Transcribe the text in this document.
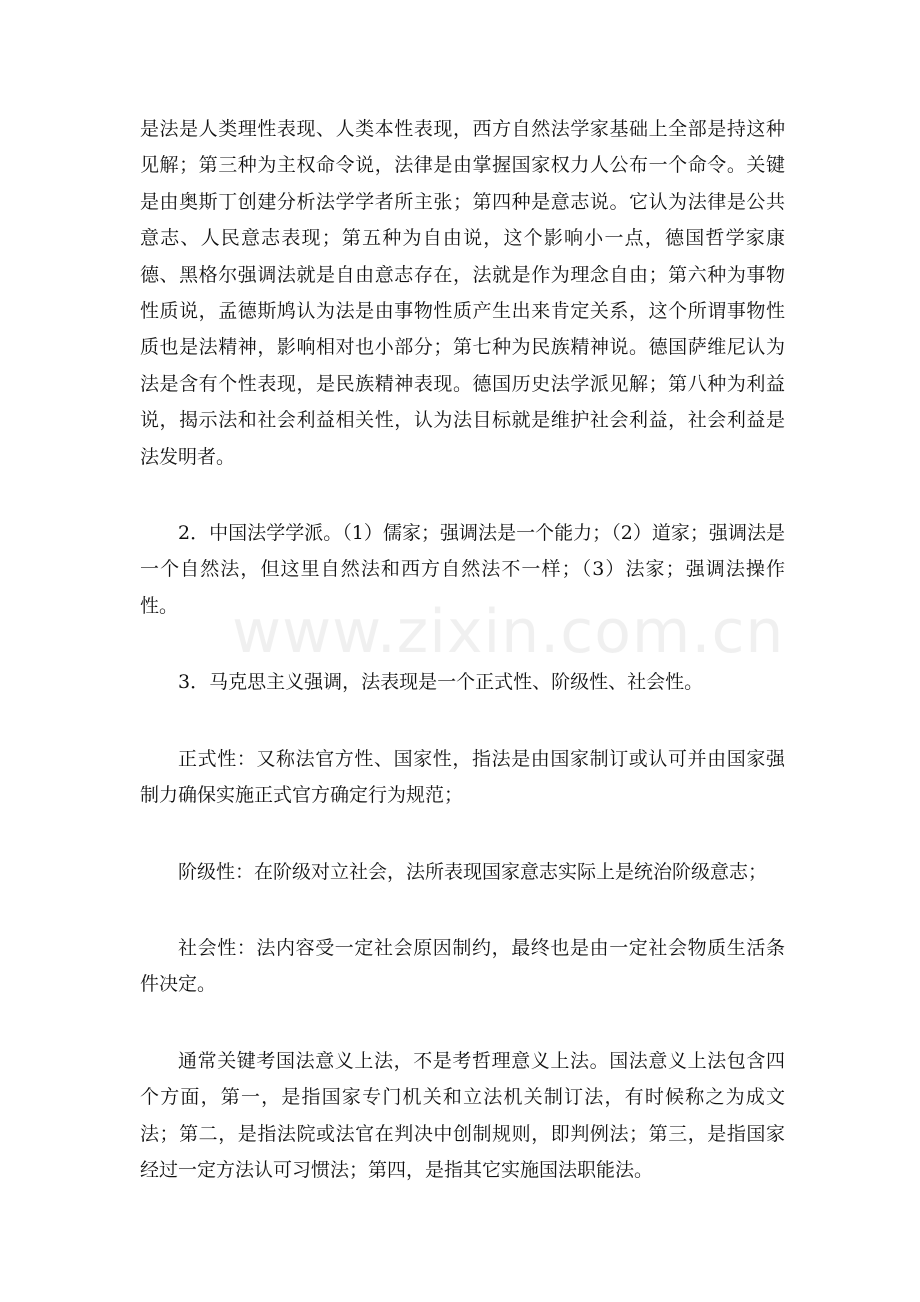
是法是人类理性表现、人类本性表现，西方自然法学家基础上全部是持这种见解；第三种为主权命令说，法律是由掌握国家权力人公布一个命令。关键是由奥斯丁创建分析法学学者所主张；第四种是意志说。它认为法律是公共意志、人民意志表现；第五种为自由说，这个影响小一点，德国哲学家康德、黑格尔强调法就是自由意志存在，法就是作为理念自由；第六种为事物性质说，孟德斯鸠认为法是由事物性质产生出来肯定关系，这个所谓事物性质也是法精神，影响相对也小部分；第七种为民族精神说。德国萨维尼认为法是含有个性表现，是民族精神表现。德国历史法学派见解；第八种为利益说，揭示法和社会利益相关性，认为法目标就是维护社会利益，社会利益是法发明者。

2．中国法学学派。（1）儒家；强调法是一个能力；（2）道家；强调法是一个自然法，但这里自然法和西方自然法不一样；（3）法家；强调法操作性。

3．马克思主义强调，法表现是一个正式性、阶级性、社会性。

正式性：又称法官方性、国家性，指法是由国家制订或认可并由国家强制力确保实施正式官方确定行为规范；

阶级性：在阶级对立社会，法所表现国家意志实际上是统治阶级意志；

社会性：法内容受一定社会原因制约，最终也是由一定社会物质生活条件决定。

通常关键考国法意义上法，不是考哲理意义上法。国法意义上法包含四个方面，第一，是指国家专门机关和立法机关制订法，有时候称之为成文法；第二，是指法院或法官在判决中创制规则，即判例法；第三，是指国家经过一定方法认可习惯法；第四，是指其它实施国法职能法。

www.zixin.com.cn
